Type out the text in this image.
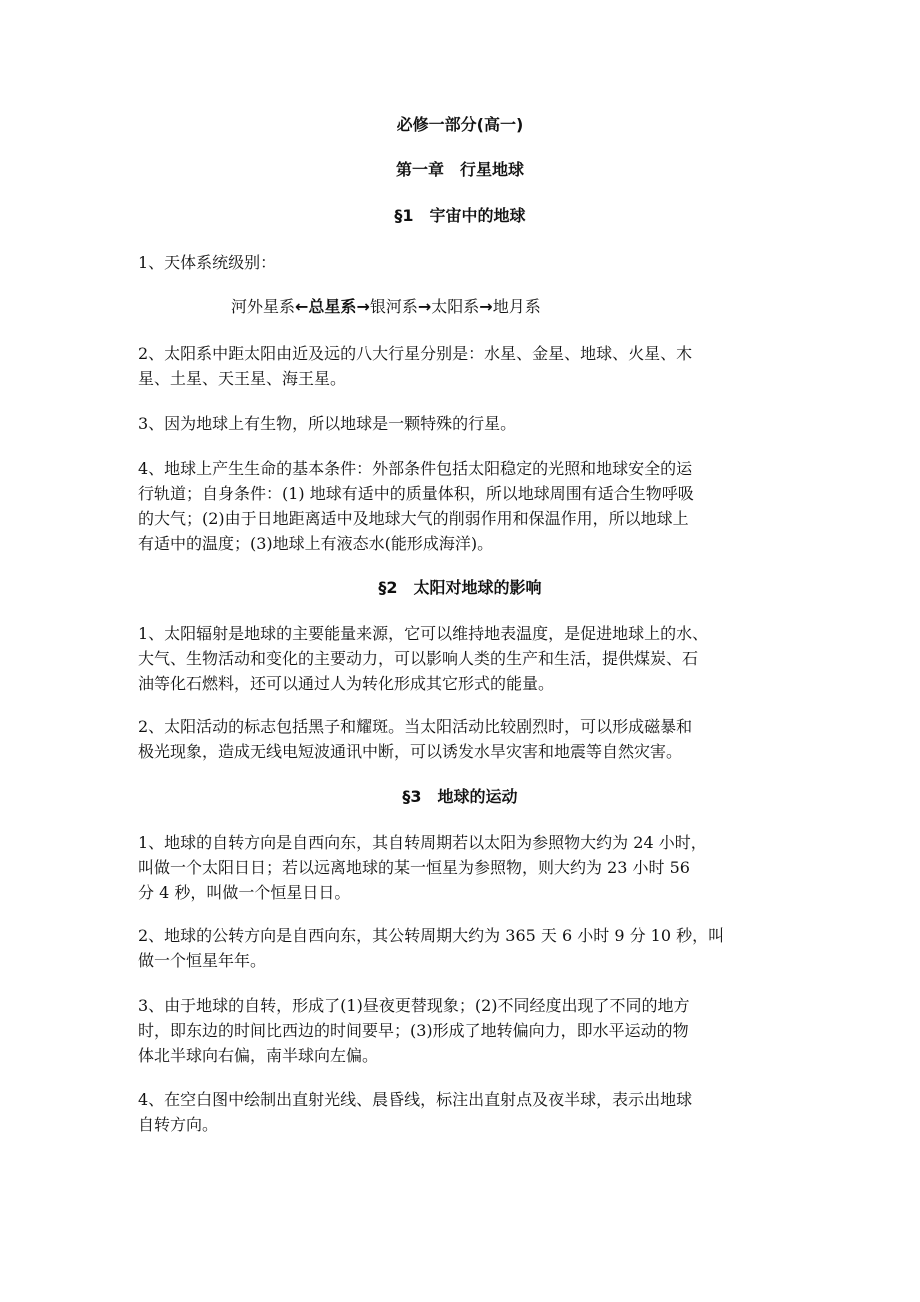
必修一部分(高一)
第一章　行星地球
§1　宇宙中的地球
1、天体系统级别：
河外星系←总星系→银河系→太阳系→地月系
2、太阳系中距太阳由近及远的八大行星分别是：水星、金星、地球、火星、木
星、土星、天王星、海王星。
3、因为地球上有生物，所以地球是一颗特殊的行星。
4、地球上产生生命的基本条件：外部条件包括太阳稳定的光照和地球安全的运
行轨道；自身条件：(1) 地球有适中的质量体积，所以地球周围有适合生物呼吸
的大气；(2)由于日地距离适中及地球大气的削弱作用和保温作用，所以地球上
有适中的温度；(3)地球上有液态水(能形成海洋)。
§2　太阳对地球的影响
1、太阳辐射是地球的主要能量来源，它可以维持地表温度，是促进地球上的水、
大气、生物活动和变化的主要动力，可以影响人类的生产和生活，提供煤炭、石
油等化石燃料，还可以通过人为转化形成其它形式的能量。
2、太阳活动的标志包括黑子和耀斑。当太阳活动比较剧烈时，可以形成磁暴和
极光现象，造成无线电短波通讯中断，可以诱发水旱灾害和地震等自然灾害。
§3　地球的运动
1、地球的自转方向是自西向东，其自转周期若以太阳为参照物大约为 24 小时，
叫做一个太阳日日；若以远离地球的某一恒星为参照物，则大约为 23 小时 56
分 4 秒，叫做一个恒星日日。
2、地球的公转方向是自西向东，其公转周期大约为 365 天 6 小时 9 分 10 秒，叫
做一个恒星年年。
3、由于地球的自转，形成了(1)昼夜更替现象；(2)不同经度出现了不同的地方
时，即东边的时间比西边的时间要早；(3)形成了地转偏向力，即水平运动的物
体北半球向右偏，南半球向左偏。
4、在空白图中绘制出直射光线、晨昏线，标注出直射点及夜半球，表示出地球
自转方向。
